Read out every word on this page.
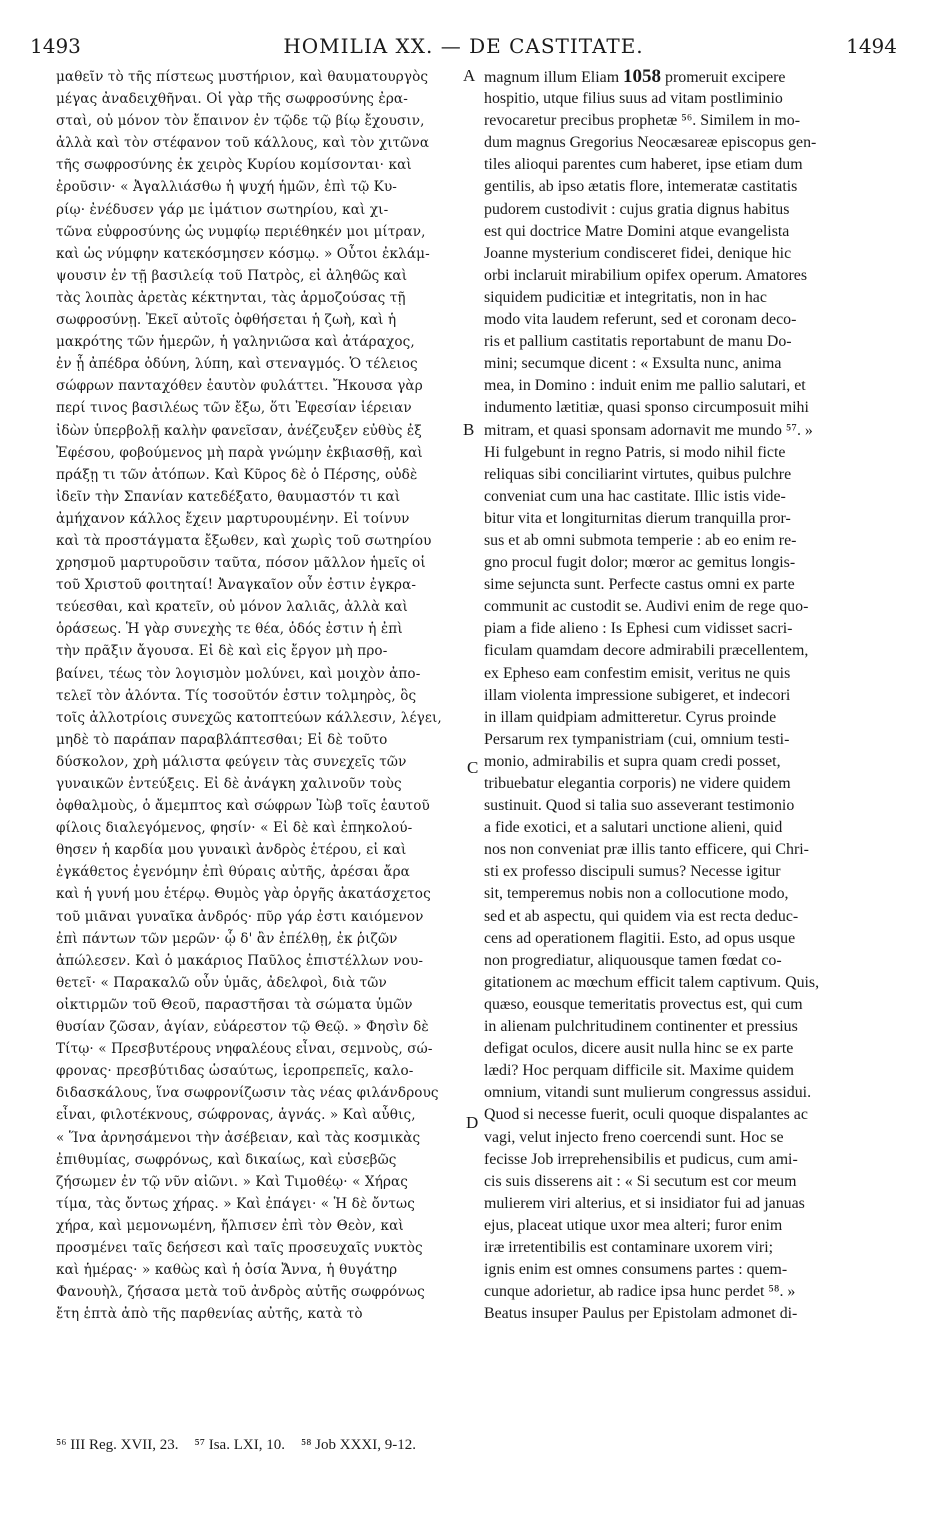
1493	HOMILIA XX. — DE CASTITATE.	1494
μαθεῖν τὸ τῆς πίστεως μυστήριον, καὶ θαυματουργὸς
μέγας ἀναδειχθῆναι. Οἱ γὰρ τῆς σωφροσύνης ἐρα-
σταὶ, οὐ μόνον τὸν ἔπαινον ἐν τῷδε τῷ βίῳ ἔχουσιν,
ἀλλὰ καὶ τὸν στέφανον τοῦ κάλλους, καὶ τὸν χιτῶνα
τῆς σωφροσύνης ἐκ χειρὸς Κυρίου κομίσονται· καὶ
ἐροῦσιν· « Ἀγαλλιάσθω ἡ ψυχή ἡμῶν, ἐπὶ τῷ Κυ-
ρίῳ· ἐνέδυσεν γάρ με ἱμάτιον σωτηρίου, καὶ χι-
τῶνα εὐφροσύνης ὡς νυμφίῳ περιέθηκέν μοι μίτραν,
καὶ ὡς νύμφην κατεκόσμησεν κόσμῳ. » Οὗτοι ἐκλάμ-
ψουσιν ἐν τῇ βασιλείᾳ τοῦ Πατρὸς, εἰ ἀληθῶς καὶ
τὰς λοιπὰς ἀρετὰς κέκτηνται, τὰς ἁρμοζούσας τῇ
σωφροσύνῃ. Ἐκεῖ αὐτοῖς ὀφθήσεται ἡ ζωὴ, καὶ ἡ
μακρότης τῶν ἡμερῶν, ἡ γαληνιῶσα καὶ ἀτάραχος,
ἐν ᾗ ἀπέδρα ὀδύνη, λύπη, καὶ στεναγμός. Ὁ τέλειος
σώφρων πανταχόθεν ἑαυτὸν φυλάττει. Ἤκουσα γὰρ
περί τινος βασιλέως τῶν ἔξω, ὅτι Ἐφεσίαν ἱέρειαν
ἰδὼν ὑπερβολῇ καλὴν φανεῖσαν, ἀνέζευξεν εὐθὺς ἐξ
Ἐφέσου, φοβούμενος μὴ παρὰ γνώμην ἐκβιασθῇ, καὶ
πράξῃ τι τῶν ἀτόπων. Καὶ Κῦρος δὲ ὁ Πέρσης, οὐδὲ
ἰδεῖν τὴν Σπανίαν κατεδέξατο, θαυμαστόν τι καὶ
ἀμήχανον κάλλος ἔχειν μαρτυρουμένην. Εἰ τοίνυν
καὶ τὰ προστάγματα ἔξωθεν, καὶ χωρὶς τοῦ σωτηρίου
χρησμοῦ μαρτυροῦσιν ταῦτα, πόσον μᾶλλον ἡμεῖς οἱ
τοῦ Χριστοῦ φοιτηταί! Ἀναγκαῖον οὖν ἐστιν ἐγκρα-
τεύεσθαι, καὶ κρατεῖν, οὐ μόνον λαλιᾶς, ἀλλὰ καὶ
ὁράσεως. Ἡ γὰρ συνεχὴς τε θέα, ὁδός ἐστιν ἡ ἐπὶ
τὴν πρᾶξιν ἄγουσα. Εἰ δὲ καὶ εἰς ἔργον μὴ προ-
βαίνει, τέως τὸν λογισμὸν μολύνει, καὶ μοιχὸν ἀπο-
τελεῖ τὸν ἁλόντα. Τίς τοσοῦτόν ἐστιν τολμηρὸς, ὃς
τοῖς ἀλλοτρίοις συνεχῶς κατοπτεύων κάλλεσιν, λέγει,
μηδὲ τὸ παράπαν παραβλάπτεσθαι; Εἰ δὲ τοῦτο
δύσκολον, χρὴ μάλιστα φεύγειν τὰς συνεχεῖς τῶν
γυναικῶν ἐντεύξεις. Εἰ δὲ ἀνάγκη χαλινοῦν τοὺς
ὀφθαλμοὺς, ὁ ἄμεμπτος καὶ σώφρων Ἰὼβ τοῖς ἑαυτοῦ
φίλοις διαλεγόμενος, φησίν· « Εἰ δὲ καὶ ἐπηκολού-
θησεν ἡ καρδία μου γυναικὶ ἀνδρὸς ἑτέρου, εἰ καὶ
ἐγκάθετος ἐγενόμην ἐπὶ θύραις αὐτῆς, ἀρέσαι ἄρα
καὶ ἡ γυνή μου ἑτέρῳ. Θυμὸς γὰρ ὀργῆς ἀκατάσχετος
τοῦ μιᾶναι γυναῖκα ἀνδρός· πῦρ γάρ ἐστι καιόμενον
ἐπὶ πάντων τῶν μερῶν· ᾧ δ' ἂν ἐπέλθῃ, ἐκ ῥιζῶν
ἀπώλεσεν. Καὶ ὁ μακάριος Παῦλος ἐπιστέλλων νου-
θετεῖ· « Παρακαλῶ οὖν ὑμᾶς, ἀδελφοὶ, διὰ τῶν
οἰκτιρμῶν τοῦ Θεοῦ, παραστῆσαι τὰ σώματα ὑμῶν
θυσίαν ζῶσαν, ἁγίαν, εὐάρεστον τῷ Θεῷ. » Φησὶν δὲ
Τίτῳ· « Πρεσβυτέρους νηφαλέους εἶναι, σεμνοὺς, σώ-
φρονας· πρεσβύτιδας ὡσαύτως, ἱεροπρεπεῖς, καλο-
διδασκάλους, ἵνα σωφρονίζωσιν τὰς νέας φιλάνδρους
εἶναι, φιλοτέκνους, σώφρονας, ἁγνάς. » Καὶ αὖθις,
« Ἵνα ἀρνησάμενοι τὴν ἀσέβειαν, καὶ τὰς κοσμικὰς
ἐπιθυμίας, σωφρόνως, καὶ δικαίως, καὶ εὐσεβῶς
ζήσωμεν ἐν τῷ νῦν αἰῶνι. » Καὶ Τιμοθέῳ· « Χήρας
τίμα, τὰς ὄντως χήρας. » Καὶ ἐπάγει· « Ἡ δὲ ὄντως
χήρα, καὶ μεμονωμένη, ἤλπισεν ἐπὶ τὸν Θεὸν, καὶ
προσμένει ταῖς δεήσεσι καὶ ταῖς προσευχαῖς νυκτὸς
καὶ ἡμέρας· » καθὼς καὶ ἡ ὁσία Ἄννα, ἡ θυγάτηρ
Φανουὴλ, ζήσασα μετὰ τοῦ ἀνδρὸς αὐτῆς σωφρόνως
ἔτη ἑπτὰ ἀπὸ τῆς παρθενίας αὐτῆς, κατὰ τὸ
A
B
C
D
magnum illum Eliam 1058 promeruit excipere
hospitio, utque filius suus ad vitam postliminio
revocaretur precibus prophetæ ⁵⁶. Similem in mo-
dum magnus Gregorius Neocæsareæ episcopus gen-
tiles alioqui parentes cum haberet, ipse etiam dum
gentilis, ab ipso ætatis flore, intemeratæ castitatis
pudorem custodivit : cujus gratia dignus habitus
est qui doctrice Matre Domini atque evangelista
Joanne mysterium condisceret fidei, denique hic
orbi inclaruit mirabilium opifex operum. Amatores
siquidem pudicitiæ et integritatis, non in hac
modo vita laudem referunt, sed et coronam deco-
ris et pallium castitatis reportabunt de manu Do-
mini; secumque dicent : « Exsulta nunc, anima
mea, in Domino : induit enim me pallio salutari, et
indumento lætitiæ, quasi sponso circumposuit mihi
mitram, et quasi sponsam adornavit me mundo ⁵⁷. »
Hi fulgebunt in regno Patris, si modo nihil ficte
reliquas sibi conciliarint virtutes, quibus pulchre
conveniat cum una hac castitate. Illic istis vide-
bitur vita et longiturnitas dierum tranquilla pror-
sus et ab omni submota temperie : ab eo enim re-
gno procul fugit dolor; mœror ac gemitus longis-
sime sejuncta sunt. Perfecte castus omni ex parte
communit ac custodit se. Audivi enim de rege quo-
piam a fide alieno : Is Ephesi cum vidisset sacri-
ficulam quamdam decore admirabili præcellentem,
ex Epheso eam confestim emisit, veritus ne quis
illam violenta impressione subigeret, et indecori
in illam quidpiam admitteretur. Cyrus proinde
Persarum rex tympanistriam (cui, omnium testi-
monio, admirabilis et supra quam credi posset,
tribuebatur elegantia corporis) ne videre quidem
sustinuit. Quod si talia suo asseverant testimonio
a fide exotici, et a salutari unctione alieni, quid
nos non conveniat præ illis tanto efficere, qui Chri-
sti ex professo discipuli sumus? Necesse igitur
sit, temperemus nobis non a collocutione modo,
sed et ab aspectu, qui quidem via est recta deduc-
cens ad operationem flagitii. Esto, ad opus usque
non progrediatur, aliquousque tamen fœdat co-
gitationem ac mœchum efficit talem captivum. Quis,
quæso, eousque temeritatis provectus est, qui cum
in alienam pulchritudinem continenter et pressius
defigat oculos, dicere ausit nulla hinc se ex parte
lædi? Hoc perquam difficile sit. Maxime quidem
omnium, vitandi sunt mulierum congressus assidui.
Quod si necesse fuerit, oculi quoque dispalantes ac
vagi, velut injecto freno coercendi sunt. Hoc se
fecisse Job irreprehensibilis et pudicus, cum ami-
cis suis disserens ait : « Si secutum est cor meum
mulierem viri alterius, et si insidiator fui ad januas
ejus, placeat utique uxor mea alteri; furor enim
iræ irretentibilis est contaminare uxorem viri;
ignis enim est omnes consumens partes : quem-
cunque adorietur, ab radice ipsa hunc perdet ⁵⁸. »
Beatus insuper Paulus per Epistolam admonet di-
⁵⁶ III Reg. XVII, 23. ⁵⁷ Isa. LXI, 10. ⁵⁸ Job XXXI, 9-12.
